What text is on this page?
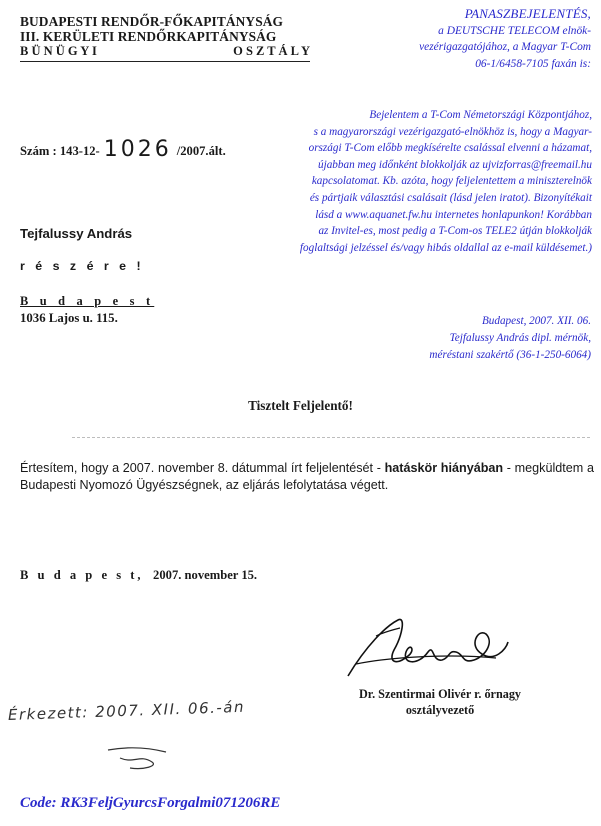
BUDAPESTI RENDŐR-FŐKAPITÁNYSÁG
III. KERÜLETI RENDŐRKAPITÁNYSÁG
B Ü N Ü G Y I	O S Z T Á L Y
PANASZBEJELENTÉS,
a DEUTSCHE TELECOM elnök-
vezérigazgatójához, a Magyar T-Com
06-1/6458-7105 faxán is:
Bejelentem a T-Com Németországi Központjához,
s a magyarországi vezérigazgató-elnökhöz is, hogy a Magyar-
országi T-Com előbb megkísérelte csalással elvenni a házamat,
újabban meg időnként blokkolják az ujvizforras@freemail.hu
kapcsolatomat. Kb. azóta, hogy feljelentettem a miniszterelnök
és pártjaik választási csalásait (lásd jelen iratot). Bizonyítékait
lásd a www.aquanet.fw.hu internetes honlapunkon! Korábban
az Invitel-es, most pedig a T-Com-os TELE2 útján blokkolják
foglaltsági jelzéssel és/vagy hibás oldallal az e-mail küldésemet.)
Budapest, 2007. XII. 06.
Tejfalussy András dipl. mérnök,
méréstani szakértő (36-1-250-6064)
Szám : 143-12- 1026 /2007.ált.
Tejfalussy András
r é s z é r e !
B u d a p e s t
1036 Lajos u. 115.
Tisztelt Feljelentő!
Értesítem, hogy a 2007. november 8. dátummal írt feljelentését - hatáskör hiányában - megküldtem a Budapesti Nyomozó Ügyészségnek, az eljárás lefolytatása végett.
B u d a p e s t, 2007. november 15.
Dr. Szentirmai Olivér r. őrnagy
osztályvezető
Érkezett: 2007. XII. 06.-án
Code: RK3FeljGyurcsForgalmi071206RE
